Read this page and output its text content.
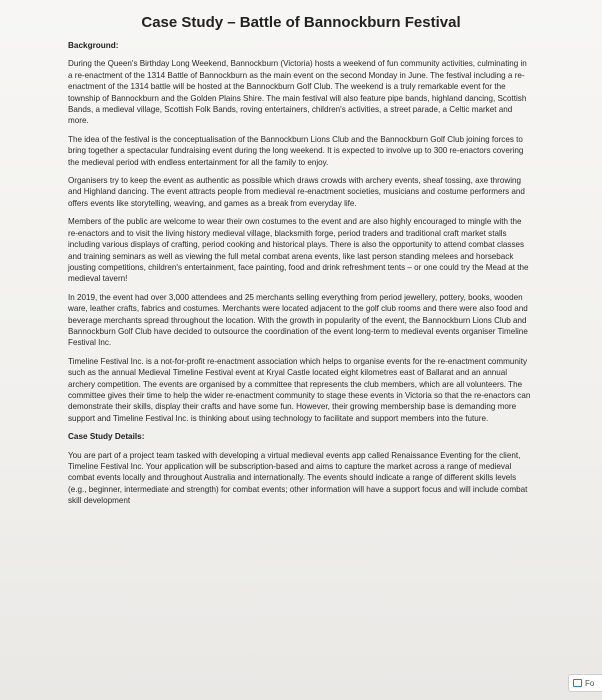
Case Study – Battle of Bannockburn Festival
Background:

During the Queen's Birthday Long Weekend, Bannockburn (Victoria) hosts a weekend of fun community activities, culminating in a re-enactment of the 1314 Battle of Bannockburn as the main event on the second Monday in June. The festival including a re-enactment of the 1314 battle will be hosted at the Bannockburn Golf Club. The weekend is a truly remarkable event for the township of Bannockburn and the Golden Plains Shire. The main festival will also feature pipe bands, highland dancing, Scottish Bands, a medieval village, Scottish Folk Bands, roving entertainers, children's activities, a street parade, a Celtic market and more.

The idea of the festival is the conceptualisation of the Bannockburn Lions Club and the Bannockburn Golf Club joining forces to bring together a spectacular fundraising event during the long weekend. It is expected to involve up to 300 re-enactors covering the medieval period with endless entertainment for all the family to enjoy.

Organisers try to keep the event as authentic as possible which draws crowds with archery events, sheaf tossing, axe throwing and Highland dancing. The event attracts people from medieval re-enactment societies, musicians and costume performers and offers events like storytelling, weaving, and games as a break from everyday life.

Members of the public are welcome to wear their own costumes to the event and are also highly encouraged to mingle with the re-enactors and to visit the living history medieval village, blacksmith forge, period traders and traditional craft market stalls including various displays of crafting, period cooking and historical plays. There is also the opportunity to attend combat classes and training seminars as well as viewing the full metal combat arena events, like last person standing melees and horseback jousting competitions, children's entertainment, face painting, food and drink refreshment tents – or one could try the Mead at the medieval tavern!

In 2019, the event had over 3,000 attendees and 25 merchants selling everything from period jewellery, pottery, books, wooden ware, leather crafts, fabrics and costumes. Merchants were located adjacent to the golf club rooms and there were also food and beverage merchants spread throughout the location. With the growth in popularity of the event, the Bannockburn Lions Club and Bannockburn Golf Club have decided to outsource the coordination of the event long-term to medieval events organiser Timeline Festival Inc.

Timeline Festival Inc. is a not-for-profit re-enactment association which helps to organise events for the re-enactment community such as the annual Medieval Timeline Festival event at Kryal Castle located eight kilometres east of Ballarat and an annual archery competition. The events are organised by a committee that represents the club members, which are all volunteers. The committee gives their time to help the wider re-enactment community to stage these events in Victoria so that the re-enactors can demonstrate their skills, display their crafts and have some fun. However, their growing membership base is demanding more support and Timeline Festival Inc. is thinking about using technology to facilitate and support members into the future.

Case Study Details:

You are part of a project team tasked with developing a virtual medieval events app called Renaissance Eventing for the client, Timeline Festival Inc. Your application will be subscription-based and aims to capture the market across a range of medieval combat events locally and throughout Australia and internationally. The events should indicate a range of different skills levels (e.g., beginner, intermediate and strength) for combat events; other information will have a support focus and will include combat skill development

Fo
